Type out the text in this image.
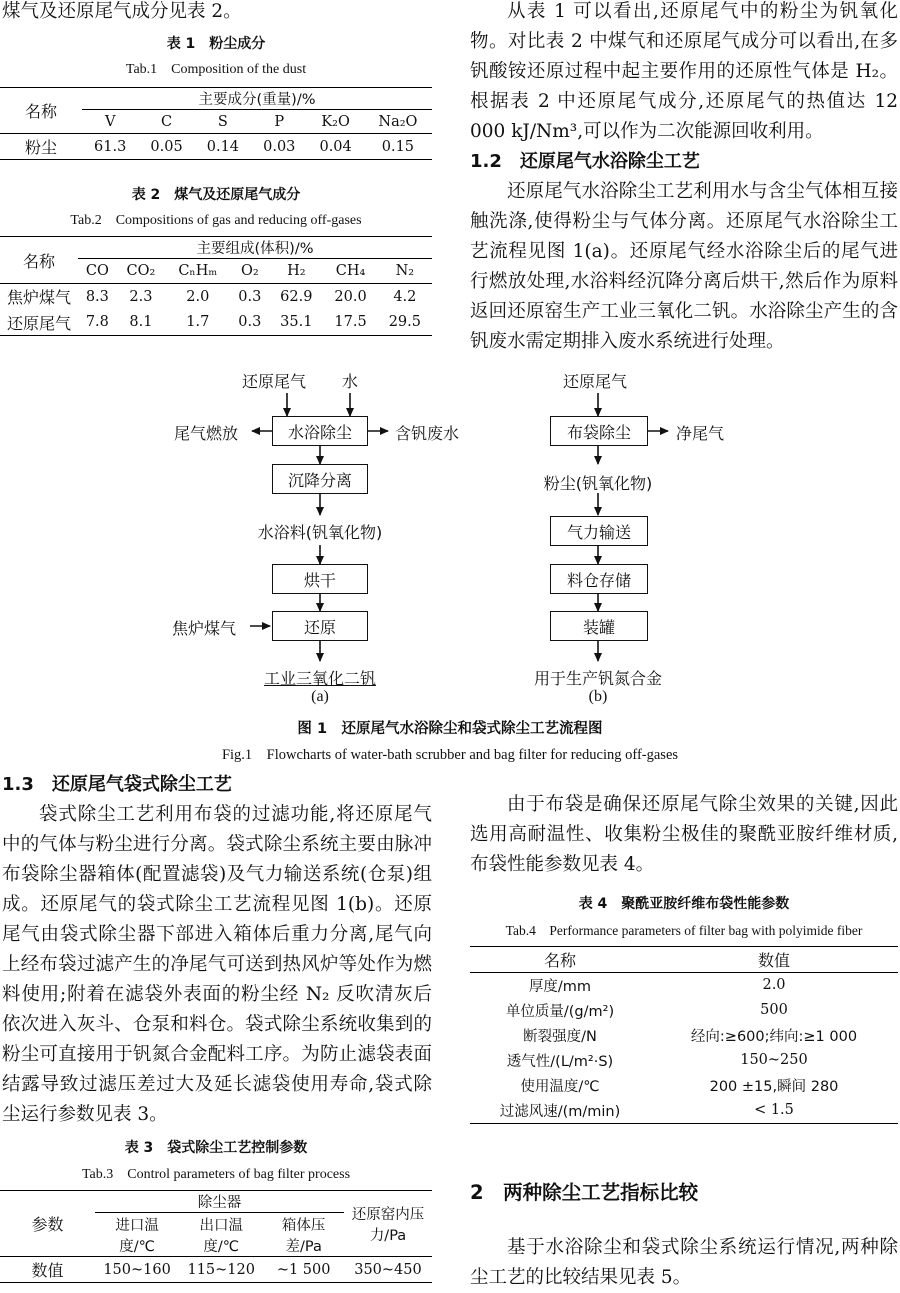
煤气及还原尾气成分见表 2。

表 1　粉尘成分
Tab.1　Composition of the dust
名称	主要成分(重量)/%					
	V	C	S	P	K₂O	Na₂O
粉尘	61.3	0.05	0.14	0.03	0.04	0.15
表 2　煤气及还原尾气成分
Tab.2　Compositions of gas and reducing off-gases
名称	主要组成(体积)/%						
	CO	CO₂	CₙHₘ	O₂	H₂	CH₄	N₂
焦炉煤气	8.3	2.3	2.0	0.3	62.9	20.0	4.2
还原尾气	7.8	8.1	1.7	0.3	35.1	17.5	29.5

从表 1 可以看出,还原尾气中的粉尘为钒氧化物。对比表 2 中煤气和还原尾气成分可以看出,在多钒酸铵还原过程中起主要作用的还原性气体是 H₂。根据表 2 中还原尾气成分,还原尾气的热值达 12 000 kJ/Nm³,可以作为二次能源回收利用。

1.2　还原尾气水浴除尘工艺

还原尾气水浴除尘工艺利用水与含尘气体相互接触洗涤,使得粉尘与气体分离。还原尾气水浴除尘工艺流程见图 1(a)。还原尾气经水浴除尘后的尾气进行燃放处理,水浴料经沉降分离后烘干,然后作为原料返回还原窑生产工业三氧化二钒。水浴除尘产生的含钒废水需定期排入废水系统进行处理。

还原尾气 水
水浴除尘
尾气燃放	含钒废水
沉降分离
水浴料(钒氧化物)
烘干
焦炉煤气	还原
工业三氧化二钒
(a)
还原尾气
布袋除尘	净尾气
粉尘(钒氧化物)
气力输送
料仓存储
装罐
用于生产钒氮合金
(b)
图 1　还原尾气水浴除尘和袋式除尘工艺流程图
Fig.1　Flowcharts of water-bath scrubber and bag filter for reducing off-gases
1.3　还原尾气袋式除尘工艺

袋式除尘工艺利用布袋的过滤功能,将还原尾气中的气体与粉尘进行分离。袋式除尘系统主要由脉冲布袋除尘器箱体(配置滤袋)及气力输送系统(仓泵)组成。还原尾气的袋式除尘工艺流程见图 1(b)。还原尾气由袋式除尘器下部进入箱体后重力分离,尾气向上经布袋过滤产生的净尾气可送到热风炉等处作为燃料使用;附着在滤袋外表面的粉尘经 N₂ 反吹清灰后依次进入灰斗、仓泵和料仓。袋式除尘系统收集到的粉尘可直接用于钒氮合金配料工序。为防止滤袋表面结露导致过滤压差过大及延长滤袋使用寿命,袋式除尘运行参数见表 3。

表 3　袋式除尘工艺控制参数
Tab.3　Control parameters of bag filter process
参数	除尘器			还原窑内压力/Pa
	进口温度/℃	出口温度/℃	箱体压差/Pa	
数值	150~160	115~120	~1 500	350~450

由于布袋是确保还原尾气除尘效果的关键,因此选用高耐温性、收集粉尘极佳的聚酰亚胺纤维材质,布袋性能参数见表 4。

表 4　聚酰亚胺纤维布袋性能参数
Tab.4　Performance parameters of filter bag with polyimide fiber
名称	数值
厚度/mm	2.0
单位质量/(g/m²)	500
断裂强度/N	经向:≥600;纬向:≥1 000
透气性/(L/m²·S)	150~250
使用温度/℃	200 ±15,瞬间 280
过滤风速/(m/min)	< 1.5
2　两种除尘工艺指标比较

基于水浴除尘和袋式除尘系统运行情况,两种除尘工艺的比较结果见表 5。
